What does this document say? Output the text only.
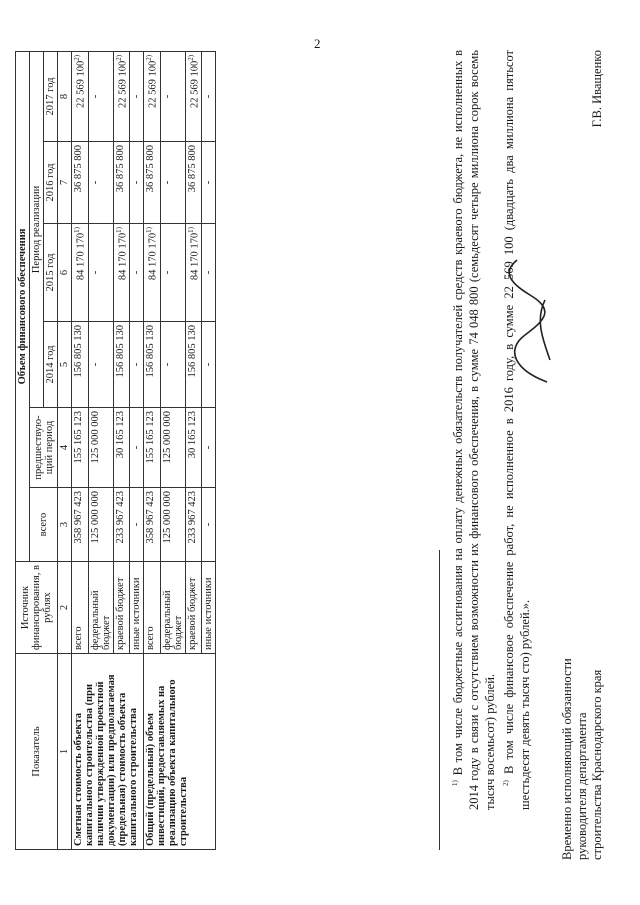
2
Показатель	Источник финансирования, в рублях	Объем финансового обеспечения					
		всего	предшествую-щий период	Период реализации			
				2014 год	2015 год	2016 год	2017 год
1	2	3	4	5	6	7	8
Сметная стоимость объекта капитального строительства (при наличии утвержденной проектной документации) или предполагаемая (предельная) стоимость объекта капитального строительства	всего	358 967 423	155 165 123	156 805 130	84 170 170$^{1)}$	36 875 800	22 569 100$^{2)}$
	федеральный бюджет	125 000 000	125 000 000	-	-	-	-
	краевой бюджет	233 967 423	30 165 123	156 805 130	84 170 170$^{1)}$	36 875 800	22 569 100$^{2)}$
	иные источники	-	-	-	-	-	-
Общий (предельный) объем инвестиций, предоставляемых на реализацию объекта капитального строительства	всего	358 967 423	155 165 123	156 805 130	84 170 170$^{1)}$	36 875 800	22 569 100$^{2)}$
	федеральный бюджет	125 000 000	125 000 000	-	-	-	-
	краевой бюджет	233 967 423	30 165 123	156 805 130	84 170 170$^{1)}$	36 875 800	22 569 100$^{2)}$
	иные источники	-	-	-	-	-	-

$^{1)}$ В том числе бюджетные ассигнования на оплату денежных обязательств получателей средств краевого бюджета, не исполненных в 2014 году в связи с отсутствием возможности их финансового обеспечения, в сумме 74 048 800 (семьдесят четыре миллиона сорок восемь тысяч восемьсот) рублей. $^{2)}$ В том числе финансовое обеспечение работ, не исполненное в 2016 году, в сумме 22 569 100 (двадцать два миллиона пятьсот шестьдесят девять тысяч сто) рублей.». Временно исполняющий обязанности руководителя департамента строительства Краснодарского края
Г.В. Иващенко
